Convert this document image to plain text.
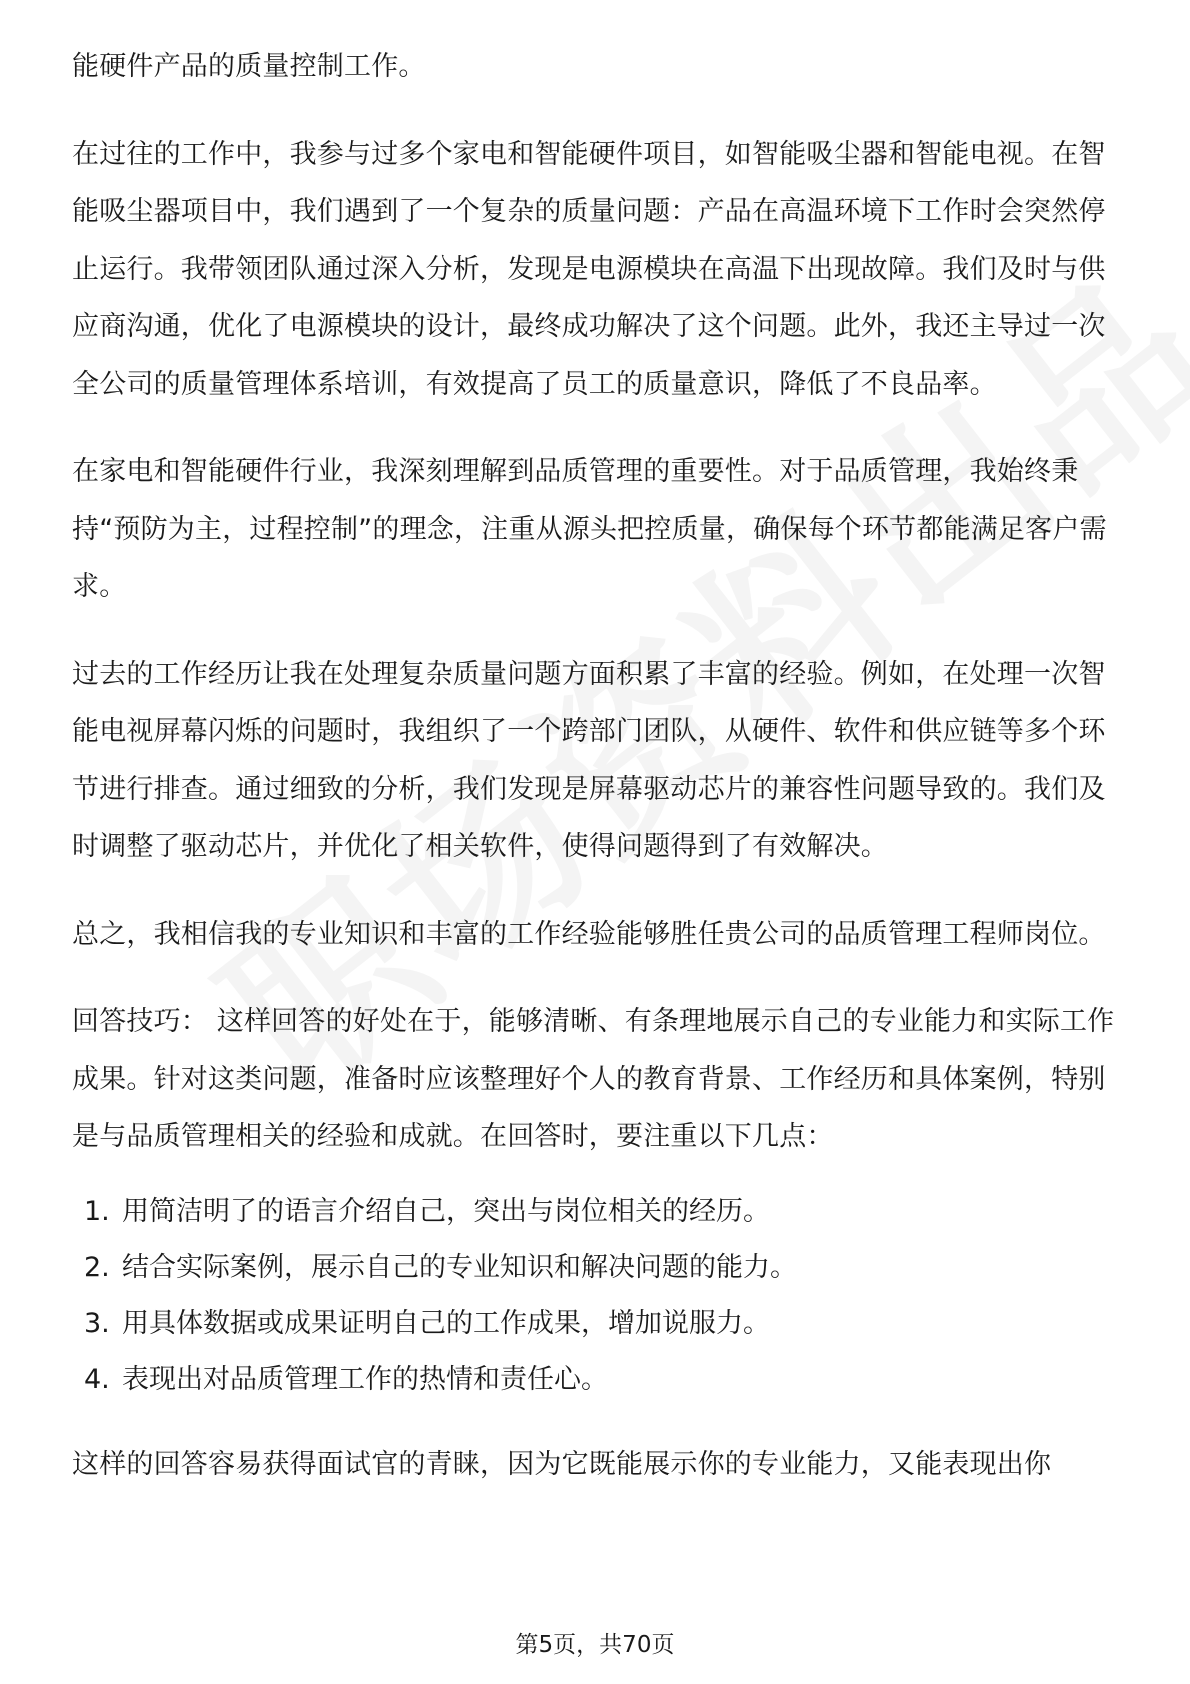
能硬件产品的质量控制工作。

在过往的工作中，我参与过多个家电和智能硬件项目，如智能吸尘器和智能电视。在智能吸尘器项目中，我们遇到了一个复杂的质量问题：产品在高温环境下工作时会突然停止运行。我带领团队通过深入分析，发现是电源模块在高温下出现故障。我们及时与供应商沟通，优化了电源模块的设计，最终成功解决了这个问题。此外，我还主导过一次全公司的质量管理体系培训，有效提高了员工的质量意识，降低了不良品率。

在家电和智能硬件行业，我深刻理解到品质管理的重要性。对于品质管理，我始终秉持“预防为主，过程控制”的理念，注重从源头把控质量，确保每个环节都能满足客户需求。

过去的工作经历让我在处理复杂质量问题方面积累了丰富的经验。例如，在处理一次智能电视屏幕闪烁的问题时，我组织了一个跨部门团队，从硬件、软件和供应链等多个环节进行排查。通过细致的分析，我们发现是屏幕驱动芯片的兼容性问题导致的。我们及时调整了驱动芯片，并优化了相关软件，使得问题得到了有效解决。

总之，我相信我的专业知识和丰富的工作经验能够胜任贵公司的品质管理工程师岗位。

回答技巧： 这样回答的好处在于，能够清晰、有条理地展示自己的专业能力和实际工作成果。针对这类问题，准备时应该整理好个人的教育背景、工作经历和具体案例，特别是与品质管理相关的经验和成就。在回答时，要注重以下几点：

1. 用简洁明了的语言介绍自己，突出与岗位相关的经历。
2. 结合实际案例，展示自己的专业知识和解决问题的能力。
3. 用具体数据或成果证明自己的工作成果，增加说服力。
4. 表现出对品质管理工作的热情和责任心。

这样的回答容易获得面试官的青睐，因为它既能展示你的专业能力，又能表现出你

第5页，共70页
